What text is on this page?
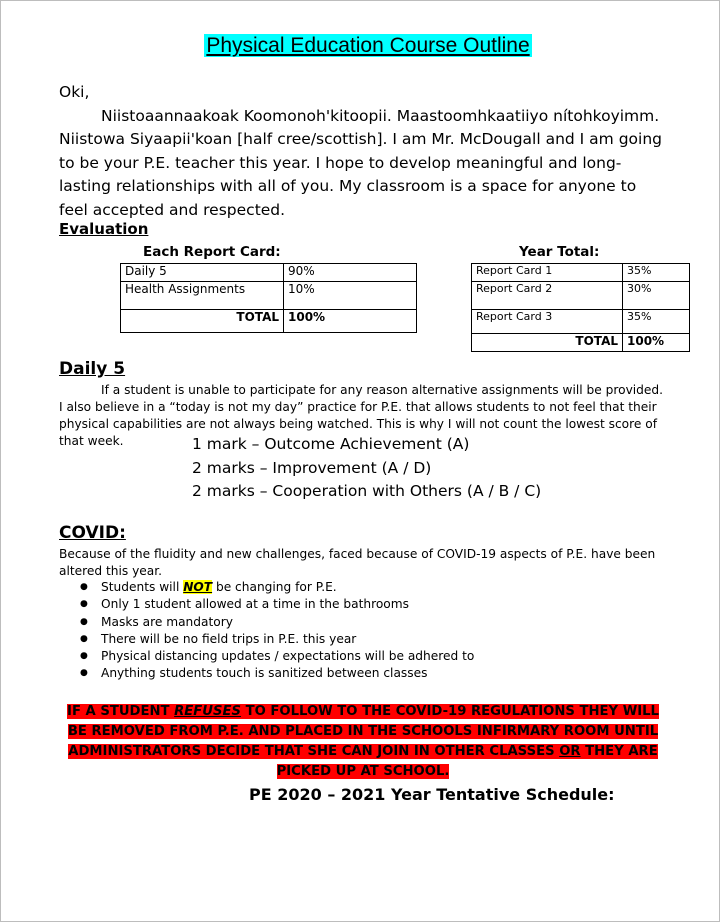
Physical Education Course Outline

Oki,

Niistoaannaakoak Koomonoh'kitoopii. Maastoomhkaatiiyo nítohkoyimm. Niistowa Siyaapii'koan [half cree/scottish]. I am Mr. McDougall and I am going to be your P.E. teacher this year. I hope to develop meaningful and long-lasting relationships with all of you. My classroom is a space for anyone to feel accepted and respected.

Evaluation
Each Report Card:
Daily 5	90%
Health Assignments	10%
TOTAL	100%
Year Total:
Report Card 1	35%
Report Card 2	30%
Report Card 3	35%
TOTAL	100%
Daily 5
If a student is unable to participate for any reason alternative assignments will be provided. I also believe in a “today is not my day” practice for P.E. that allows students to not feel that their physical capabilities are not always being watched. This is why I will not count the lowest score of that week.	1 mark – Outcome Achievement (A)
2 marks – Improvement (A / D)
2 marks – Cooperation with Others (A / B / C)
COVID:
Because of the fluidity and new challenges, faced because of COVID-19 aspects of P.E. have been altered this year.
● Students will NOT be changing for P.E.
● Only 1 student allowed at a time in the bathrooms
● Masks are mandatory
● There will be no field trips in P.E. this year
● Physical distancing updates / expectations will be adhered to
● Anything students touch is sanitized between classes
IF A STUDENT REFUSES TO FOLLOW TO THE COVID-19 REGULATIONS THEY WILL BE REMOVED FROM P.E. AND PLACED IN THE SCHOOLS INFIRMARY ROOM UNTIL ADMINISTRATORS DECIDE THAT SHE CAN JOIN IN OTHER CLASSES OR THEY ARE PICKED UP AT SCHOOL.
PE 2020 – 2021 Year Tentative Schedule:
